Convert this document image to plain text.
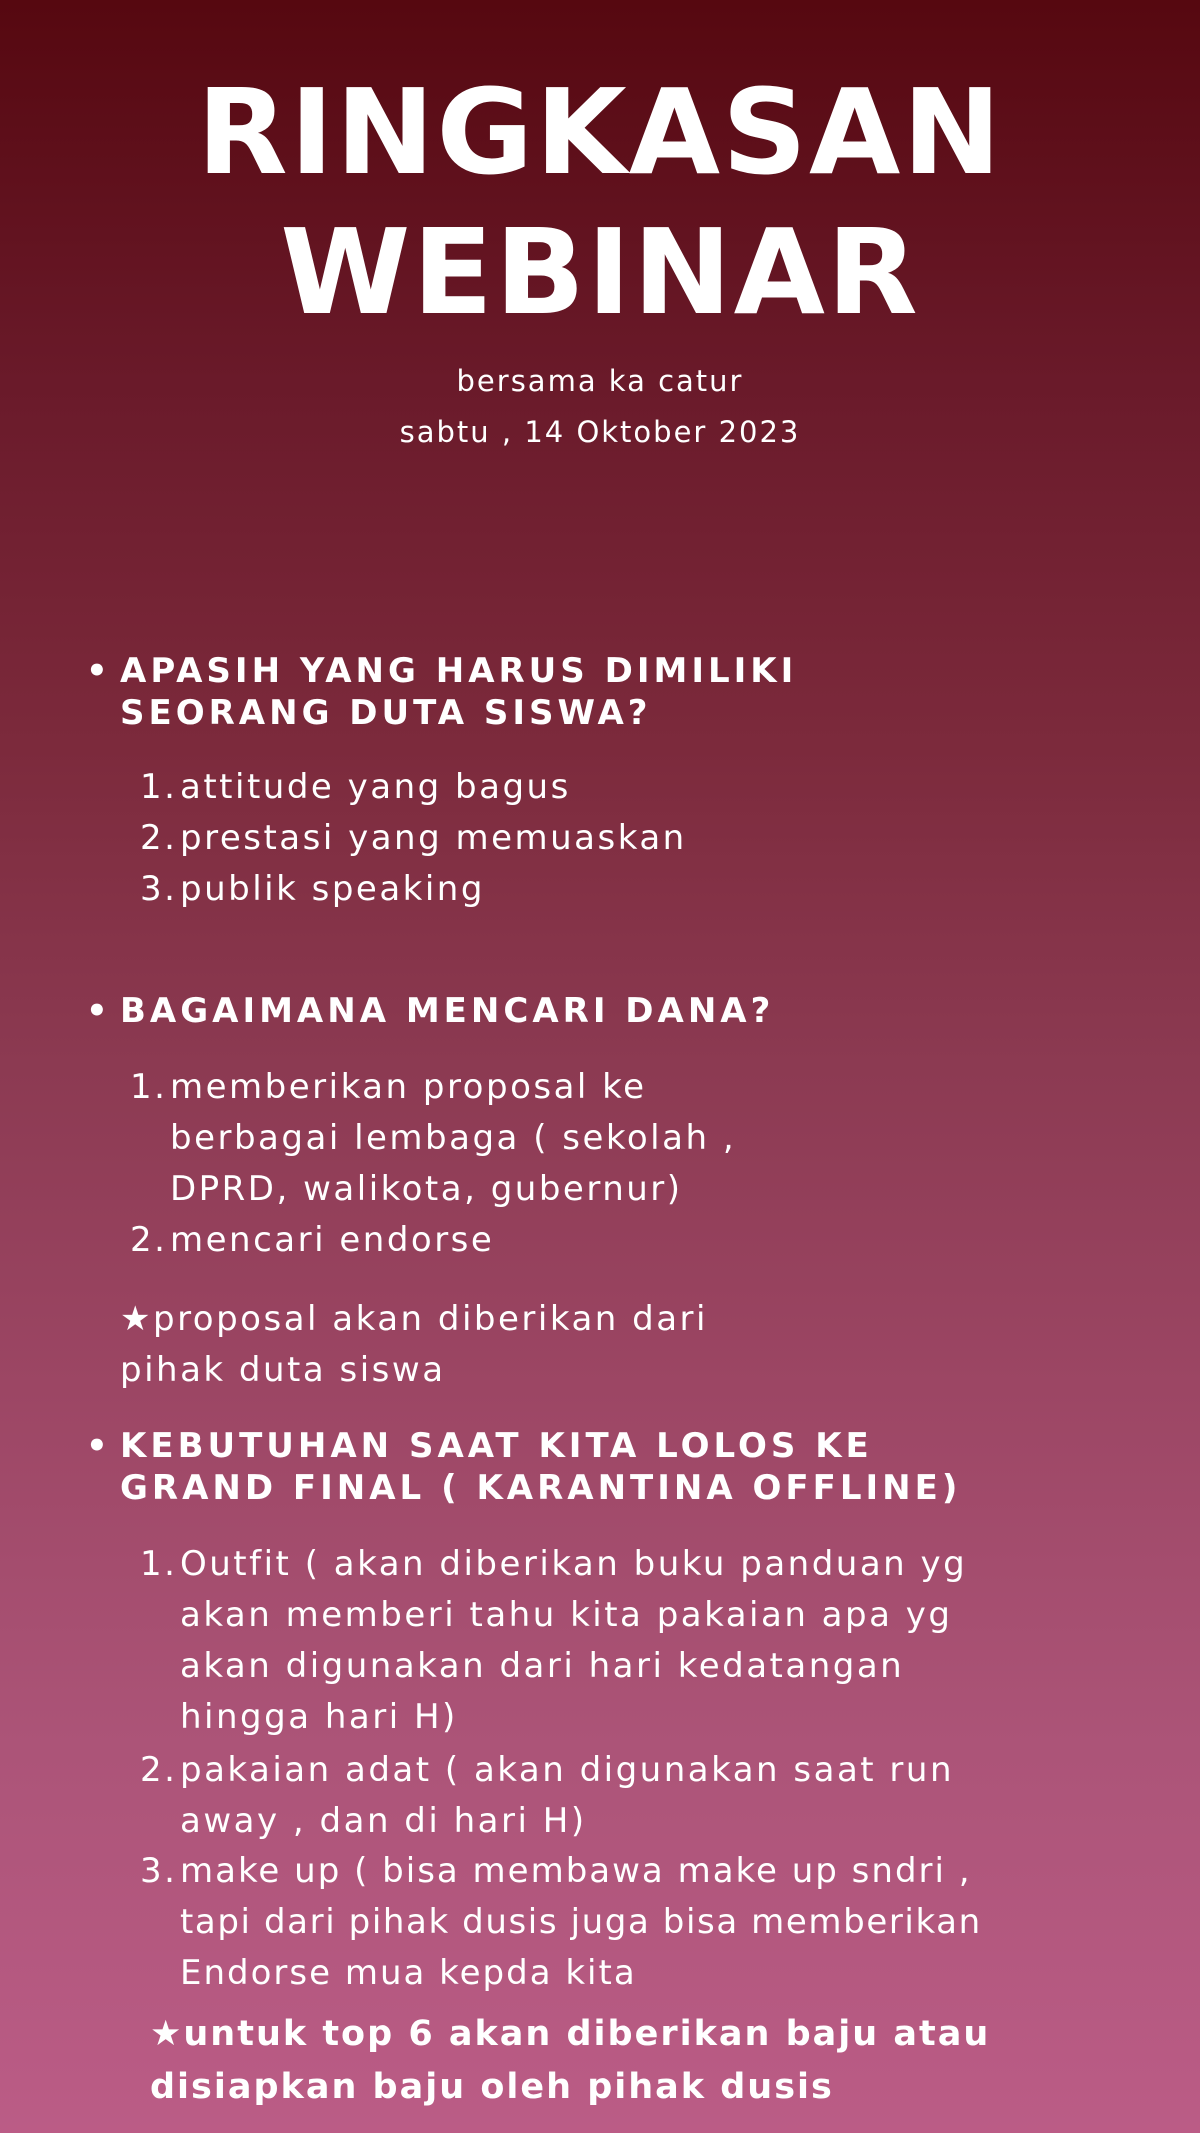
RINGKASAN
WEBINAR
bersama ka catur
sabtu , 14 Oktober 2023
• APASIH YANG HARUS DIMILIKI
SEORANG DUTA SISWA?
1. attitude yang bagus
2. prestasi yang memuaskan
3. publik speaking
• BAGAIMANA MENCARI DANA?
1. memberikan proposal ke
berbagai lembaga ( sekolah ,
DPRD, walikota, gubernur)
2. mencari endorse
★proposal akan diberikan dari
pihak duta siswa
• KEBUTUHAN SAAT KITA LOLOS KE
GRAND FINAL ( KARANTINA OFFLINE)
1. Outfit ( akan diberikan buku panduan yg
akan memberi tahu kita pakaian apa yg
akan digunakan dari hari kedatangan
hingga hari H)
2. pakaian adat ( akan digunakan saat run
away , dan di hari H)
3. make up ( bisa membawa make up sndri ,
tapi dari pihak dusis juga bisa memberikan
Endorse mua kepda kita
★untuk top 6 akan diberikan baju atau
disiapkan baju oleh pihak dusis
